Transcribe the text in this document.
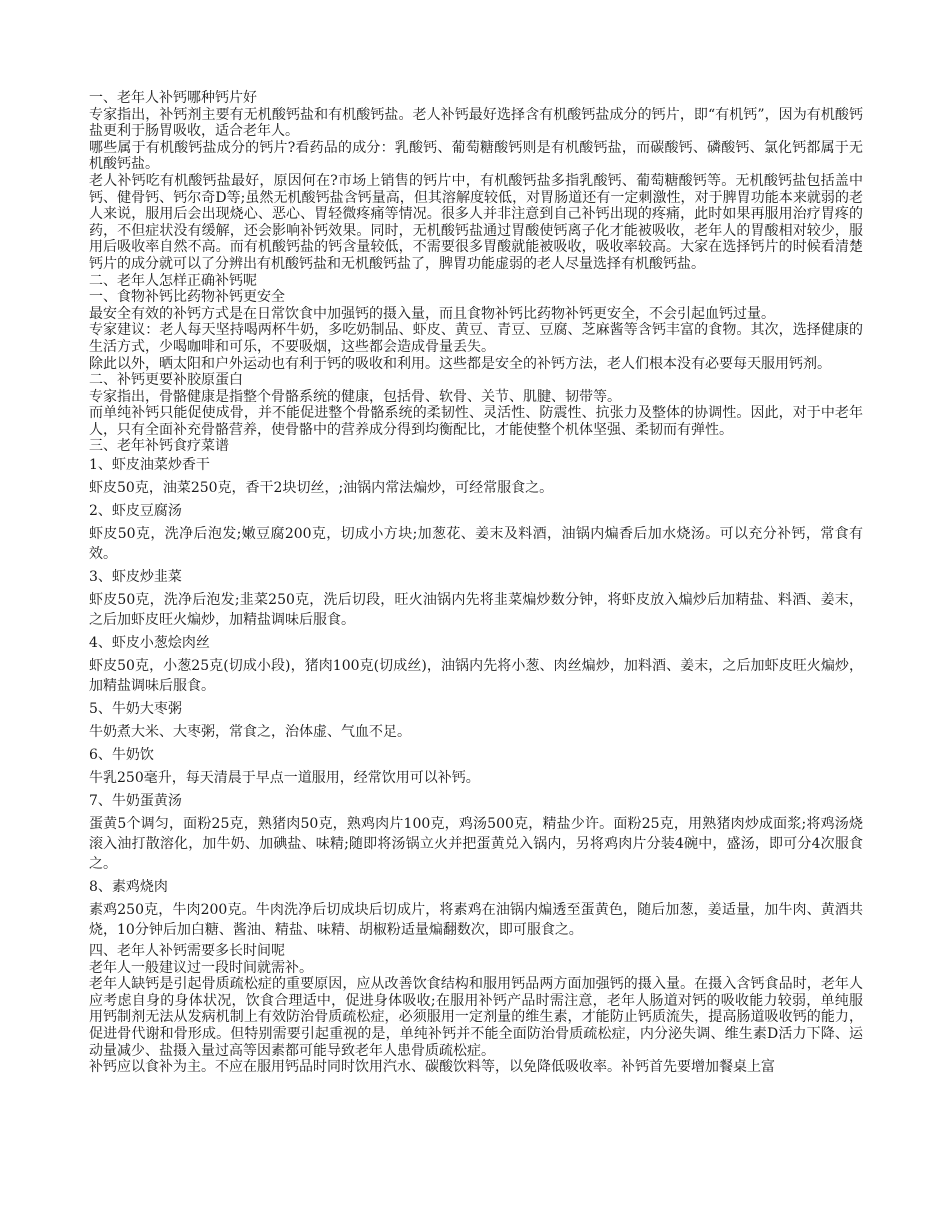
一、老年人补钙哪种钙片好
专家指出，补钙剂主要有无机酸钙盐和有机酸钙盐。老人补钙最好选择含有机酸钙盐成分的钙片，即“有机钙”，因为有机酸钙盐更利于肠胃吸收，适合老年人。
哪些属于有机酸钙盐成分的钙片?看药品的成分：乳酸钙、葡萄糖酸钙则是有机酸钙盐，而碳酸钙、磷酸钙、氯化钙都属于无机酸钙盐。
老人补钙吃有机酸钙盐最好，原因何在?市场上销售的钙片中，有机酸钙盐多指乳酸钙、葡萄糖酸钙等。无机酸钙盐包括盖中钙、健骨钙、钙尔奇D等;虽然无机酸钙盐含钙量高，但其溶解度较低，对胃肠道还有一定刺激性，对于脾胃功能本来就弱的老人来说，服用后会出现烧心、恶心、胃轻微疼痛等情况。很多人并非注意到自己补钙出现的疼痛，此时如果再服用治疗胃疼的药，不但症状没有缓解，还会影响补钙效果。同时，无机酸钙盐通过胃酸使钙离子化才能被吸收，老年人的胃酸相对较少，服用后吸收率自然不高。而有机酸钙盐的钙含量较低，不需要很多胃酸就能被吸收，吸收率较高。大家在选择钙片的时候看清楚钙片的成分就可以了分辨出有机酸钙盐和无机酸钙盐了，脾胃功能虚弱的老人尽量选择有机酸钙盐。
二、老年人怎样正确补钙呢
一、食物补钙比药物补钙更安全
最安全有效的补钙方式是在日常饮食中加强钙的摄入量，而且食物补钙比药物补钙更安全，不会引起血钙过量。
专家建议：老人每天坚持喝两杯牛奶，多吃奶制品、虾皮、黄豆、青豆、豆腐、芝麻酱等含钙丰富的食物。其次，选择健康的生活方式，少喝咖啡和可乐，不要吸烟，这些都会造成骨量丢失。
除此以外，晒太阳和户外运动也有利于钙的吸收和利用。这些都是安全的补钙方法，老人们根本没有必要每天服用钙剂。
二、补钙更要补胶原蛋白
专家指出，骨骼健康是指整个骨骼系统的健康，包括骨、软骨、关节、肌腱、韧带等。
而单纯补钙只能促使成骨，并不能促进整个骨骼系统的柔韧性、灵活性、防震性、抗张力及整体的协调性。因此，对于中老年人，只有全面补充骨骼营养，使骨骼中的营养成分得到均衡配比，才能使整个机体坚强、柔韧而有弹性。
三、老年补钙食疗菜谱
1、虾皮油菜炒香干
虾皮50克，油菜250克，香干2块切丝，;油锅内常法煸炒，可经常服食之。
2、虾皮豆腐汤
虾皮50克，洗净后泡发;嫩豆腐200克，切成小方块;加葱花、姜末及料酒，油锅内煸香后加水烧汤。可以充分补钙，常食有效。
3、虾皮炒韭菜
虾皮50克，洗净后泡发;韭菜250克，洗后切段，旺火油锅内先将韭菜煸炒数分钟，将虾皮放入煸炒后加精盐、料酒、姜末，之后加虾皮旺火煸炒，加精盐调味后服食。
4、虾皮小葱烩肉丝
虾皮50克，小葱25克(切成小段)，猪肉100克(切成丝)，油锅内先将小葱、肉丝煸炒，加料酒、姜末，之后加虾皮旺火煸炒，加精盐调味后服食。
5、牛奶大枣粥
牛奶煮大米、大枣粥，常食之，治体虚、气血不足。
6、牛奶饮
牛乳250毫升，每天清晨于早点一道服用，经常饮用可以补钙。
7、牛奶蛋黄汤
蛋黄5个调匀，面粉25克，熟猪肉50克，熟鸡肉片100克，鸡汤500克，精盐少许。面粉25克，用熟猪肉炒成面浆;将鸡汤烧滚入油打散溶化，加牛奶、加碘盐、味精;随即将汤锅立火并把蛋黄兑入锅内，另将鸡肉片分装4碗中，盛汤，即可分4次服食之。
8、素鸡烧肉
素鸡250克，牛肉200克。牛肉洗净后切成块后切成片，将素鸡在油锅内煸透至蛋黄色，随后加葱，姜适量，加牛肉、黄酒共烧，10分钟后加白糖、酱油、精盐、味精、胡椒粉适量煸翻数次，即可服食之。
四、老年人补钙需要多长时间呢
老年人一般建议过一段时间就需补。
老年人缺钙是引起骨质疏松症的重要原因，应从改善饮食结构和服用钙品两方面加强钙的摄入量。在摄入含钙食品时，老年人应考虑自身的身体状况，饮食合理适中，促进身体吸收;在服用补钙产品时需注意，老年人肠道对钙的吸收能力较弱，单纯服用钙制剂无法从发病机制上有效防治骨质疏松症，必须服用一定剂量的维生素，才能防止钙质流失，提高肠道吸收钙的能力，促进骨代谢和骨形成。但特别需要引起重视的是，单纯补钙并不能全面防治骨质疏松症，内分泌失调、维生素D活力下降、运动量减少、盐摄入量过高等因素都可能导致老年人患骨质疏松症。
补钙应以食补为主。不应在服用钙品时同时饮用汽水、碳酸饮料等，以免降低吸收率。补钙首先要增加餐桌上富
